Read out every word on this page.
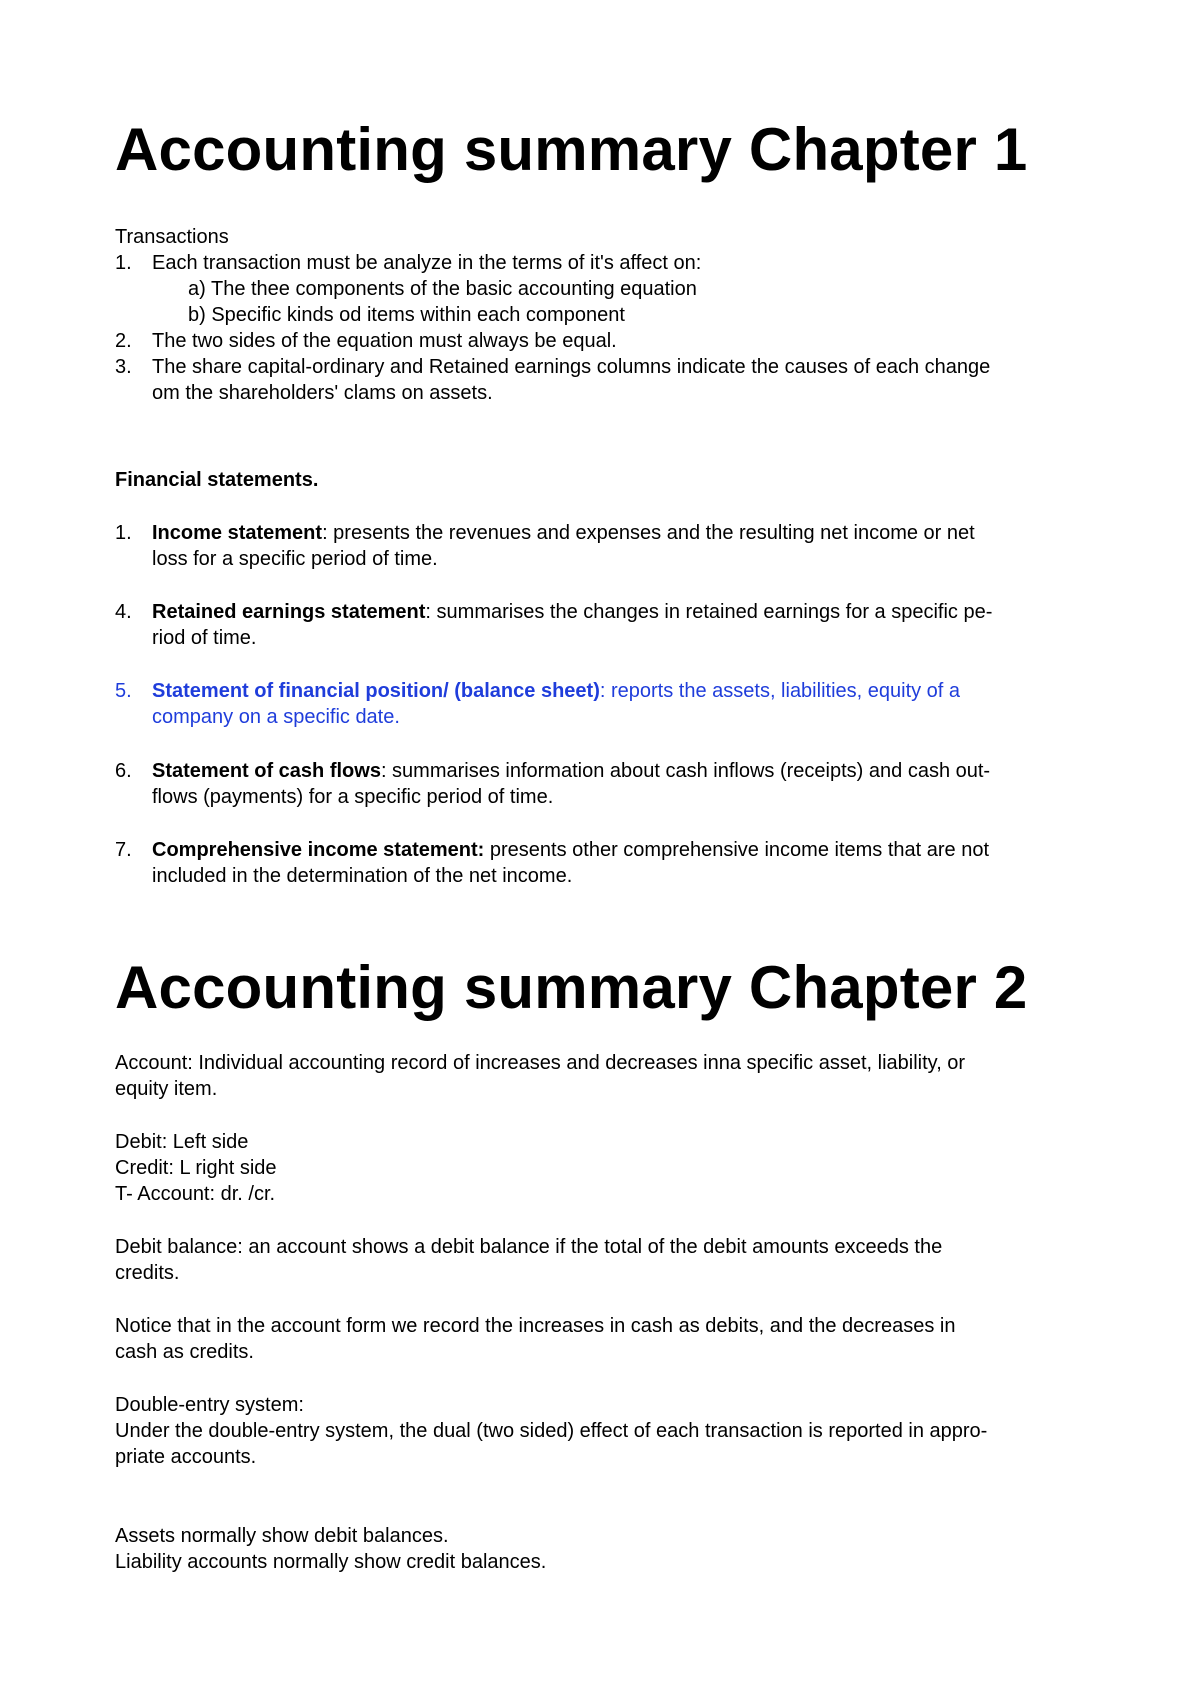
Accounting summary Chapter 1

Transactions

1. Each transaction must be analyze in the terms of it's affect on:

a) The thee components of the basic accounting equation

b) Specific kinds od items within each component

2. The two sides of the equation must always be equal.

3. The share capital-ordinary and Retained earnings columns indicate the causes of each change

om the shareholders' clams on assets.

Financial statements.

1. Income statement: presents the revenues and expenses and the resulting net income or net

loss for a specific period of time.

4. Retained earnings statement: summarises the changes in retained earnings for a specific pe-

riod of time.

5. Statement of financial position/ (balance sheet): reports the assets, liabilities, equity of a

company on a specific date.

6. Statement of cash flows: summarises information about cash inflows (receipts) and cash out-

flows (payments) for a specific period of time.

7. Comprehensive income statement: presents other comprehensive income items that are not

included in the determination of the net income.

Accounting summary Chapter 2

Account: Individual accounting record of increases and decreases inna specific asset, liability, or

equity item.

Debit: Left side

Credit: L right side

T- Account: dr. /cr.

Debit balance: an account shows a debit balance if the total of the debit amounts exceeds the

credits.

Notice that in the account form we record the increases in cash as debits, and the decreases in

cash as credits.

Double-entry system:

Under the double-entry system, the dual (two sided) effect of each transaction is reported in appro-

priate accounts.

Assets normally show debit balances.

Liability accounts normally show credit balances.
